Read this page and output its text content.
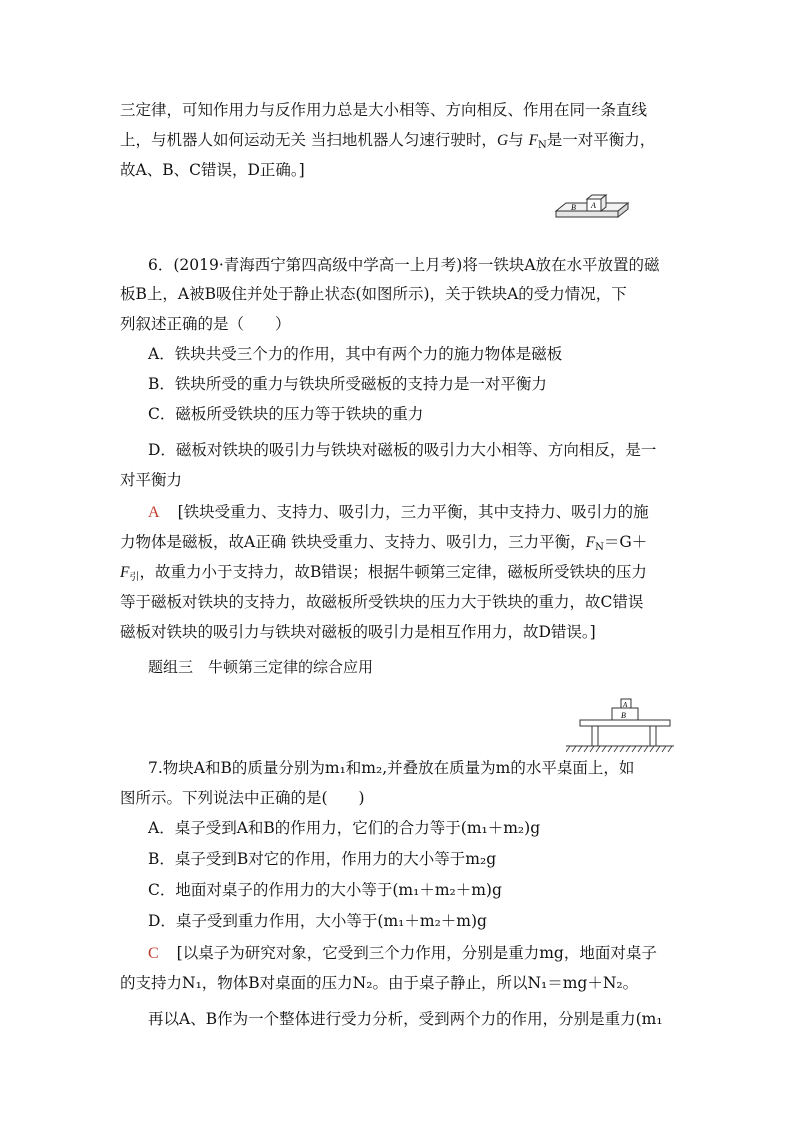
三定律，可知作用力与反作用力总是大小相等、方向相反、作用在同一条直线
上，与机器人如何运动无关 当扫地机器人匀速行驶时，G与 $F_N$是一对平衡力，
故A、B、C错误，D正确。]
B A
6．(2019·青海西宁第四高级中学高一上月考)将一铁块A放在水平放置的磁
板B上，A被B吸住并处于静止状态(如图所示)，关于铁块A的受力情况，下
列叙述正确的是（　　）
A．铁块共受三个力的作用，其中有两个力的施力物体是磁板
B．铁块所受的重力与铁块所受磁板的支持力是一对平衡力
C．磁板所受铁块的压力等于铁块的重力
D．磁板对铁块的吸引力与铁块对磁板的吸引力大小相等、方向相反，是一
对平衡力
A [铁块受重力、支持力、吸引力，三力平衡，其中支持力、吸引力的施
力物体是磁板，故A正确 铁块受重力、支持力、吸引力，三力平衡，$F_N=G+$
$F_引$，故重力小于支持力，故B错误；根据牛顿第三定律，磁板所受铁块的压力
等于磁板对铁块的支持力，故磁板所受铁块的压力大于铁块的重力，故C错误
磁板对铁块的吸引力与铁块对磁板的吸引力是相互作用力，故D错误。]
题组三　牛顿第三定律的综合应用
A
B
7.物块A和B的质量分别为m₁和m₂,并叠放在质量为m的水平桌面上，如
图所示。下列说法中正确的是(　　)
A．桌子受到A和B的作用力，它们的合力等于(m₁＋m₂)g
B．桌子受到B对它的作用，作用力的大小等于m₂g
C．地面对桌子的作用力的大小等于(m₁＋m₂＋m)g
D．桌子受到重力作用，大小等于(m₁＋m₂＋m)g
C [以桌子为研究对象，它受到三个力作用，分别是重力mg，地面对桌子
的支持力N₁，物体B对桌面的压力N₂。由于桌子静止，所以N₁＝mg＋N₂。
再以A、B作为一个整体进行受力分析，受到两个力的作用，分别是重力(m₁
